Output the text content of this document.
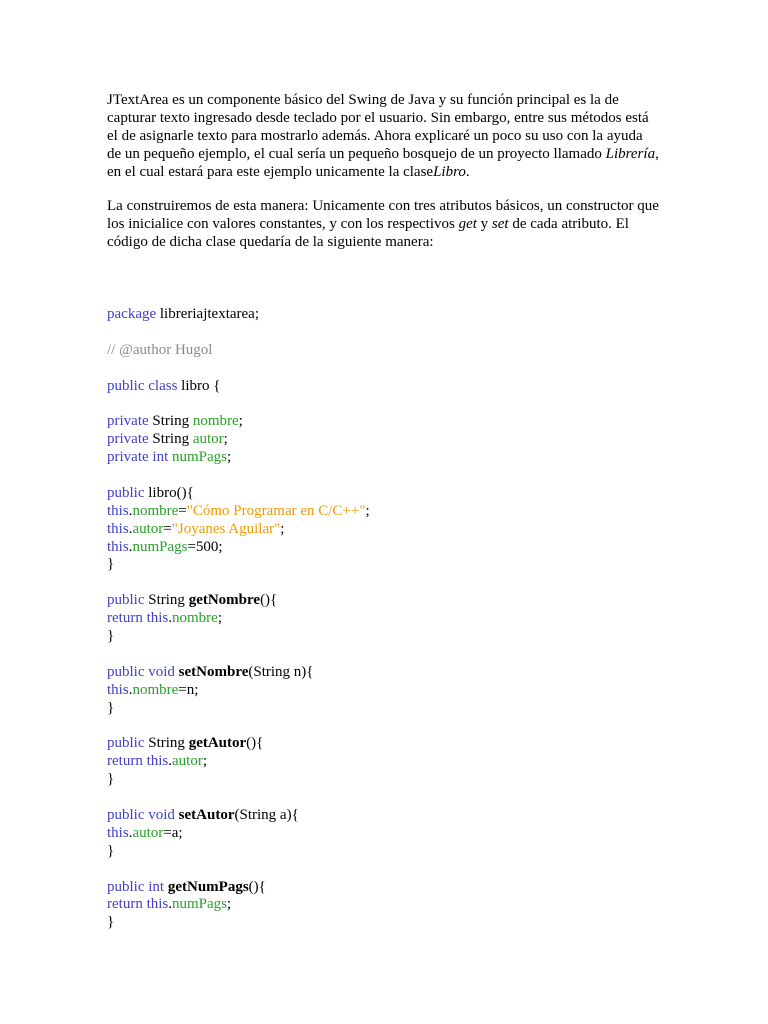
JTextArea es un componente básico del Swing de Java y su función principal es la de
capturar texto ingresado desde teclado por el usuario. Sin embargo, entre sus métodos está
el de asignarle texto para mostrarlo además. Ahora explicaré un poco su uso con la ayuda
de un pequeño ejemplo, el cual sería un pequeño bosquejo de un proyecto llamado Librería,
en el cual estará para este ejemplo unicamente la claseLibro.

La construiremos de esta manera: Unicamente con tres atributos básicos, un constructor que
los inicialice con valores constantes, y con los respectivos get y set de cada atributo. El
código de dicha clase quedaría de la siguiente manera:

package libreriajtextarea;
// @author Hugol
public class libro {
private String nombre;
private String autor;
private int numPags;
public libro(){
this.nombre="Cómo Programar en C/C++";
this.autor="Joyanes Aguilar";
this.numPags=500;
}
public String getNombre(){
return this.nombre;
}
public void setNombre(String n){
this.nombre=n;
}
public String getAutor(){
return this.autor;
}
public void setAutor(String a){
this.autor=a;
}
public int getNumPags(){
return this.numPags;
}
